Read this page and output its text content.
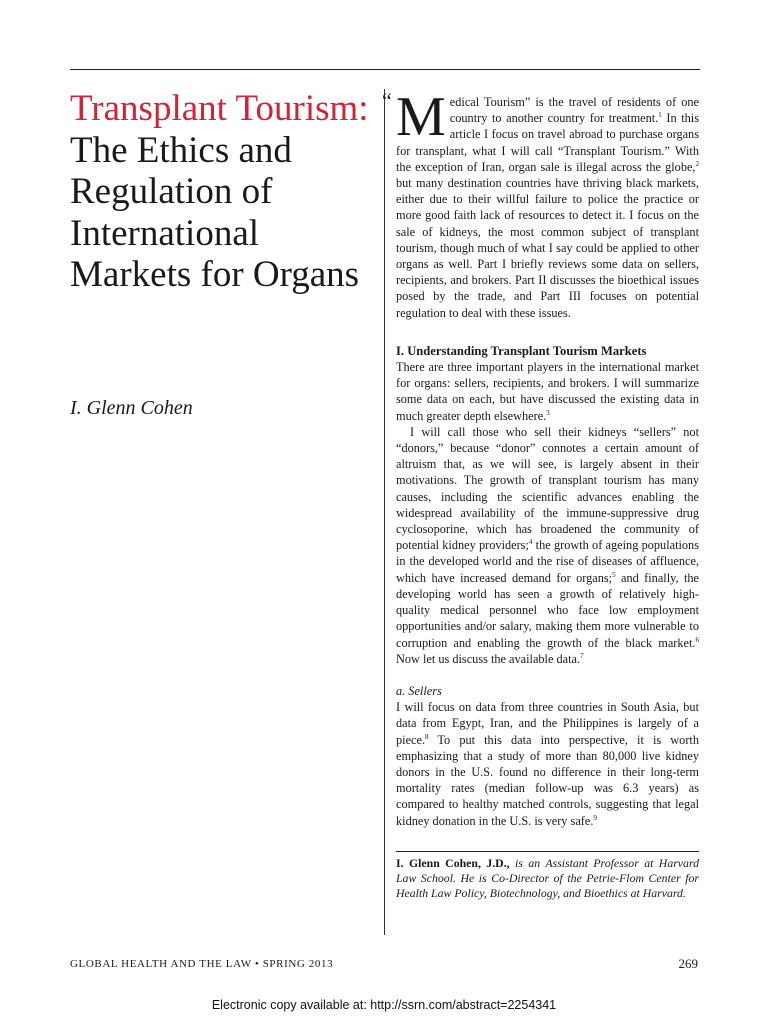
Transplant Tourism: The Ethics and Regulation of International Markets for Organs
I. Glenn Cohen
“ Medical Tourism” is the travel of residents of one country to another country for treatment.$^1$ In this article I focus on travel abroad to purchase organs for transplant, what I will call “Transplant Tourism.” With the exception of Iran, organ sale is illegal across the globe,$^2$ but many destination countries have thriving black markets, either due to their willful failure to police the practice or more good faith lack of resources to detect it. I focus on the sale of kidneys, the most common subject of transplant tourism, though much of what I say could be applied to other organs as well. Part I briefly reviews some data on sellers, recipients, and brokers. Part II discusses the bioethical issues posed by the trade, and Part III focuses on potential regulation to deal with these issues.

I. Understanding Transplant Tourism Markets

There are three important players in the international market for organs: sellers, recipients, and brokers. I will summarize some data on each, but have discussed the existing data in much greater depth elsewhere.$^3$

I will call those who sell their kidneys “sellers” not “donors,” because “donor” connotes a certain amount of altruism that, as we will see, is largely absent in their motivations. The growth of transplant tourism has many causes, including the scientific advances enabling the widespread availability of the immune-suppressive drug cyclosoporine, which has broadened the community of potential kidney providers;$^4$ the growth of ageing populations in the developed world and the rise of diseases of affluence, which have increased demand for organs;$^5$ and finally, the developing world has seen a growth of relatively high-quality medical personnel who face low employment opportunities and/or salary, making them more vulnerable to corruption and enabling the growth of the black market.$^6$ Now let us discuss the available data.$^7$

a. Sellers

I will focus on data from three countries in South Asia, but data from Egypt, Iran, and the Philippines is largely of a piece.$^8$ To put this data into perspective, it is worth emphasizing that a study of more than 80,000 live kidney donors in the U.S. found no difference in their long-term mortality rates (median follow-up was 6.3 years) as compared to healthy matched controls, suggesting that legal kidney donation in the U.S. is very safe.$^9$

I. Glenn Cohen, J.D., is an Assistant Professor at Harvard Law School. He is Co-Director of the Petrie-Flom Center for Health Law Policy, Biotechnology, and Bioethics at Harvard.

GLOBAL HEALTH AND THE LAW • SPRING 2013	269
Electronic copy available at: http://ssrn.com/abstract=2254341
